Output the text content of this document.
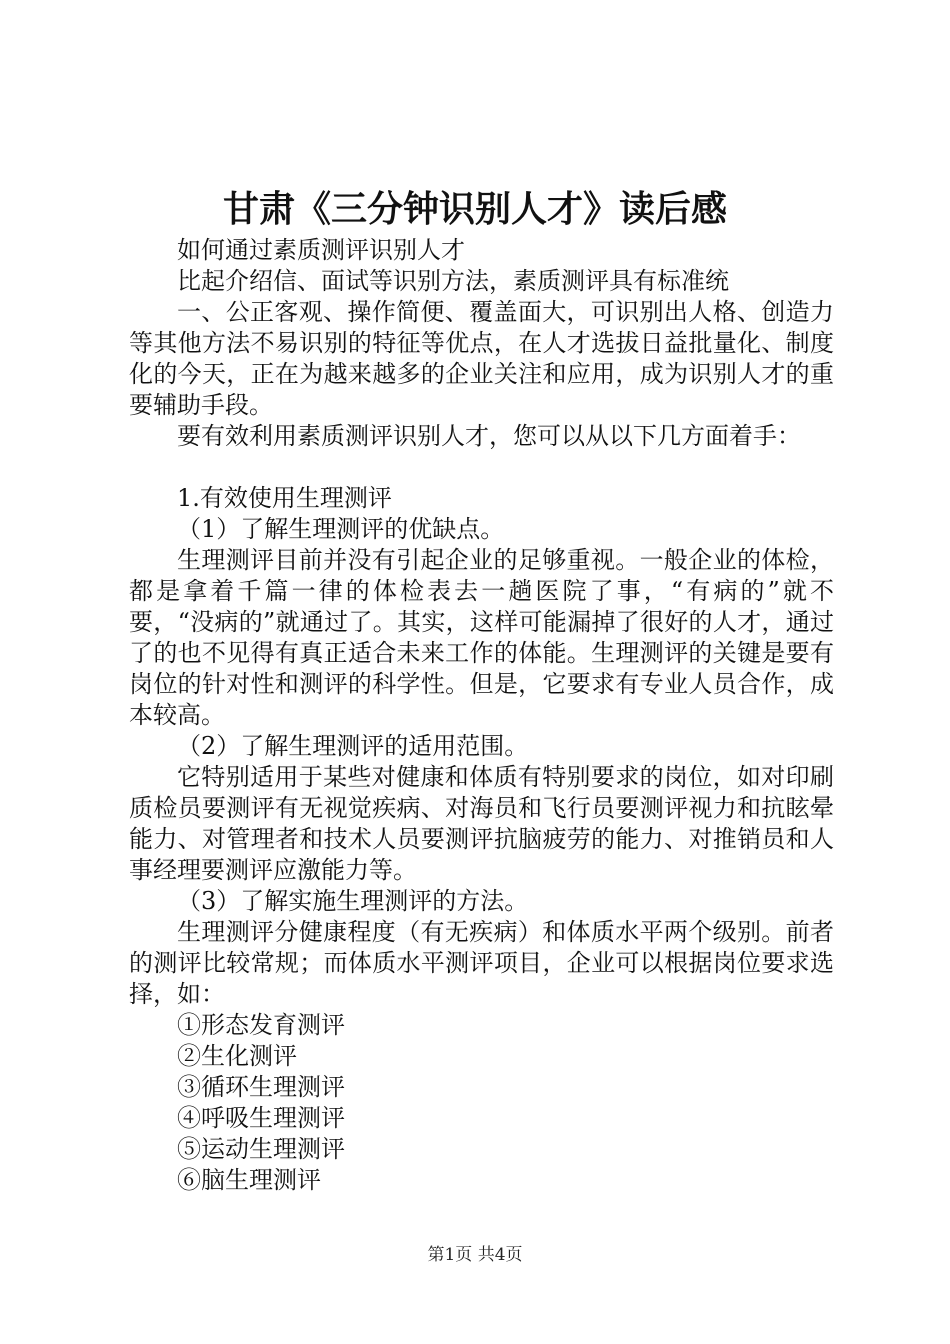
甘肃《三分钟识别人才》读后感

如何通过素质测评识别人才

比起介绍信、面试等识别方法，素质测评具有标准统

一、公正客观、操作简便、覆盖面大，可识别出人格、创造力等其他方法不易识别的特征等优点，在人才选拔日益批量化、制度化的今天，正在为越来越多的企业关注和应用，成为识别人才的重要辅助手段。

要有效利用素质测评识别人才，您可以从以下几方面着手：

1.有效使用生理测评

（1）了解生理测评的优缺点。

生理测评目前并没有引起企业的足够重视。一般企业的体检，都是拿着千篇一律的体检表去一趟医院了事，“有病的”就不要，“没病的”就通过了。其实，这样可能漏掉了很好的人才，通过了的也不见得有真正适合未来工作的体能。生理测评的关键是要有岗位的针对性和测评的科学性。但是，它要求有专业人员合作，成本较高。

（2）了解生理测评的适用范围。

它特别适用于某些对健康和体质有特别要求的岗位，如对印刷质检员要测评有无视觉疾病、对海员和飞行员要测评视力和抗眩晕能力、对管理者和技术人员要测评抗脑疲劳的能力、对推销员和人事经理要测评应激能力等。

（3）了解实施生理测评的方法。

生理测评分健康程度（有无疾病）和体质水平两个级别。前者的测评比较常规；而体质水平测评项目，企业可以根据岗位要求选择，如：

①形态发育测评

②生化测评

③循环生理测评

④呼吸生理测评

⑤运动生理测评

⑥脑生理测评

第1页 共4页
